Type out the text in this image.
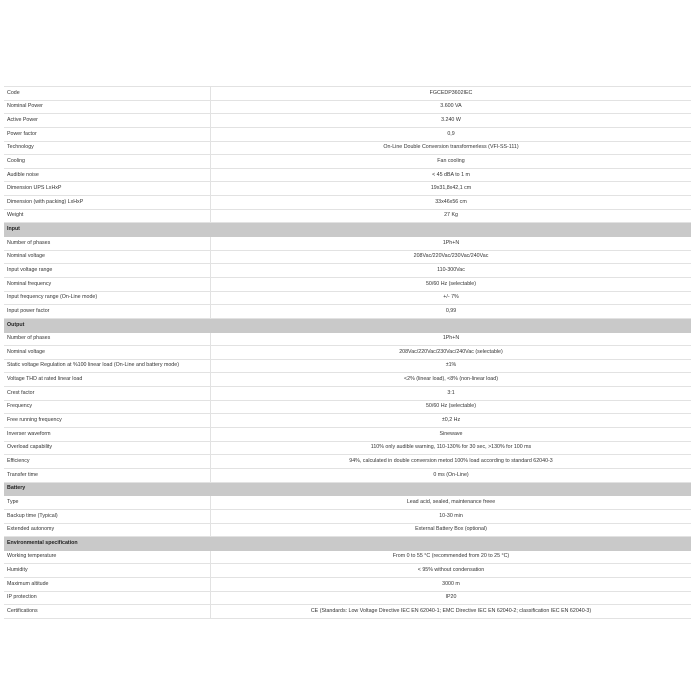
Code	FGCEDP3602IEC
Nominal Power	3.600 VA
Active Power	3.240 W
Power factor	0,9
Technology	On-Line Double Conversion transformerless (VFI-SS-111)
Cooling	Fan cooling
Audible noise	< 45 dBA to 1 m
Dimension UPS LxHxP	19x31,8x42,1 cm
Dimension (with packing) LxHxP	33x46x56 cm
Weight	27 Kg
Input	
Number of phases	1Ph+N
Nominal voltage	208Vac/220Vac/230Vac/240Vac
Input voltage range	110-300Vac
Nominal frequency	50/60 Hz (selectable)
Input frequency range (On-Line mode)	+/- 7%
Input power factor	0,99
Output	
Number of phases	1Ph+N
Nominal voltage	208Vac/220Vac/230Vac/240Vac (selectable)
Static voltage Regulation at %100 linear load (On-Line and battery mode)	±1%
Voltage THD at rated linear load	<2% (linear load), <8% (non-linear load)
Crest factor	3:1
Frequency	50/60 Hz (selectable)
Free running frequency	±0,2 Hz
Inverser waveform	Sinewave
Overload capability	110% only audible warning, 110-130% for 30 sec, >130% for 100 ms
Efficiency	94%, calculated in double conversion metod 100% load according to standard 62040-3
Transfer time	0 ms (On-Line)
Battery	
Type	Lead acid, sealed, maintenance freee
Backup time (Typical)	10-30 min
Extended autonomy	External Battery Box (optional)
Environmental specification	
Working temperature	From 0 to 55 °C (recommended from 20 to 25 °C)
Humidity	< 95% without condensation
Maximum altitude	3000 m
IP protection	IP20
Certifications	CE (Standards: Low Voltage Directive IEC EN 62040-1; EMC Directive IEC EN 62040-2; classification IEC EN 62040-3)
